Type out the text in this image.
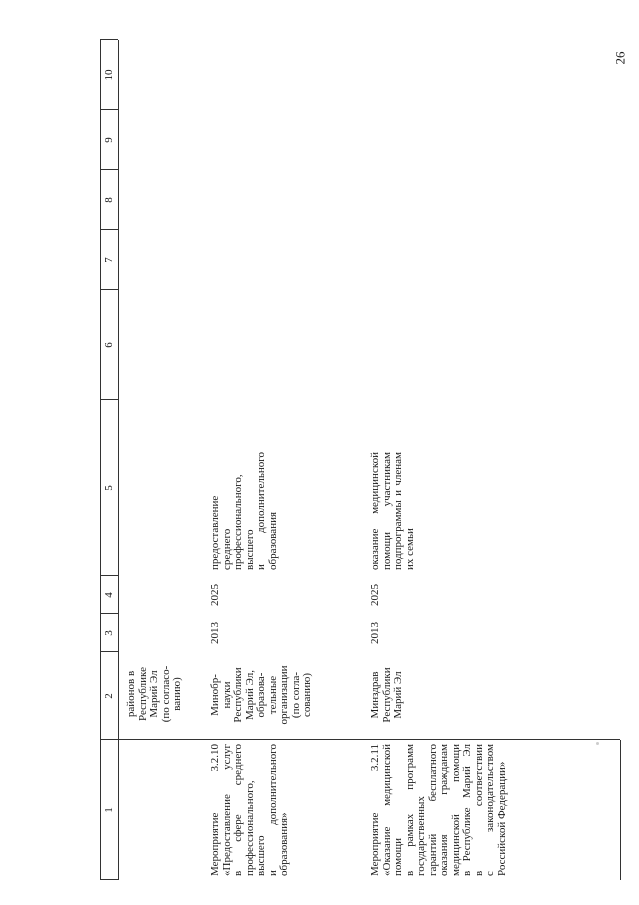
26
1
2
3
4
5
6
7
8
9
10
районов в Республике Марий Эл (по согласо- ванию)
Мероприятие 3.2.10 «Предоставление услуг в сфере среднего профессионального, высшего и дополнительного образования»
Минобр- науки Республики Марий Эл, образова- тельные организации (по согла- сованию)
2013
2025
предоставление среднего профессионального, высшего и дополнительного образования
Мероприятие 3.2.11 «Оказание медицинской помощи в рамках программ государственных гарантий бесплатного оказания гражданам медицинской помощи в Республике Марий Эл в соответствии с законодательством Российской Федерации»
Минздрав Республики Марий Эл
2013
2025
оказание медицинской помощи участникам подпрограммы и членам их семьи
